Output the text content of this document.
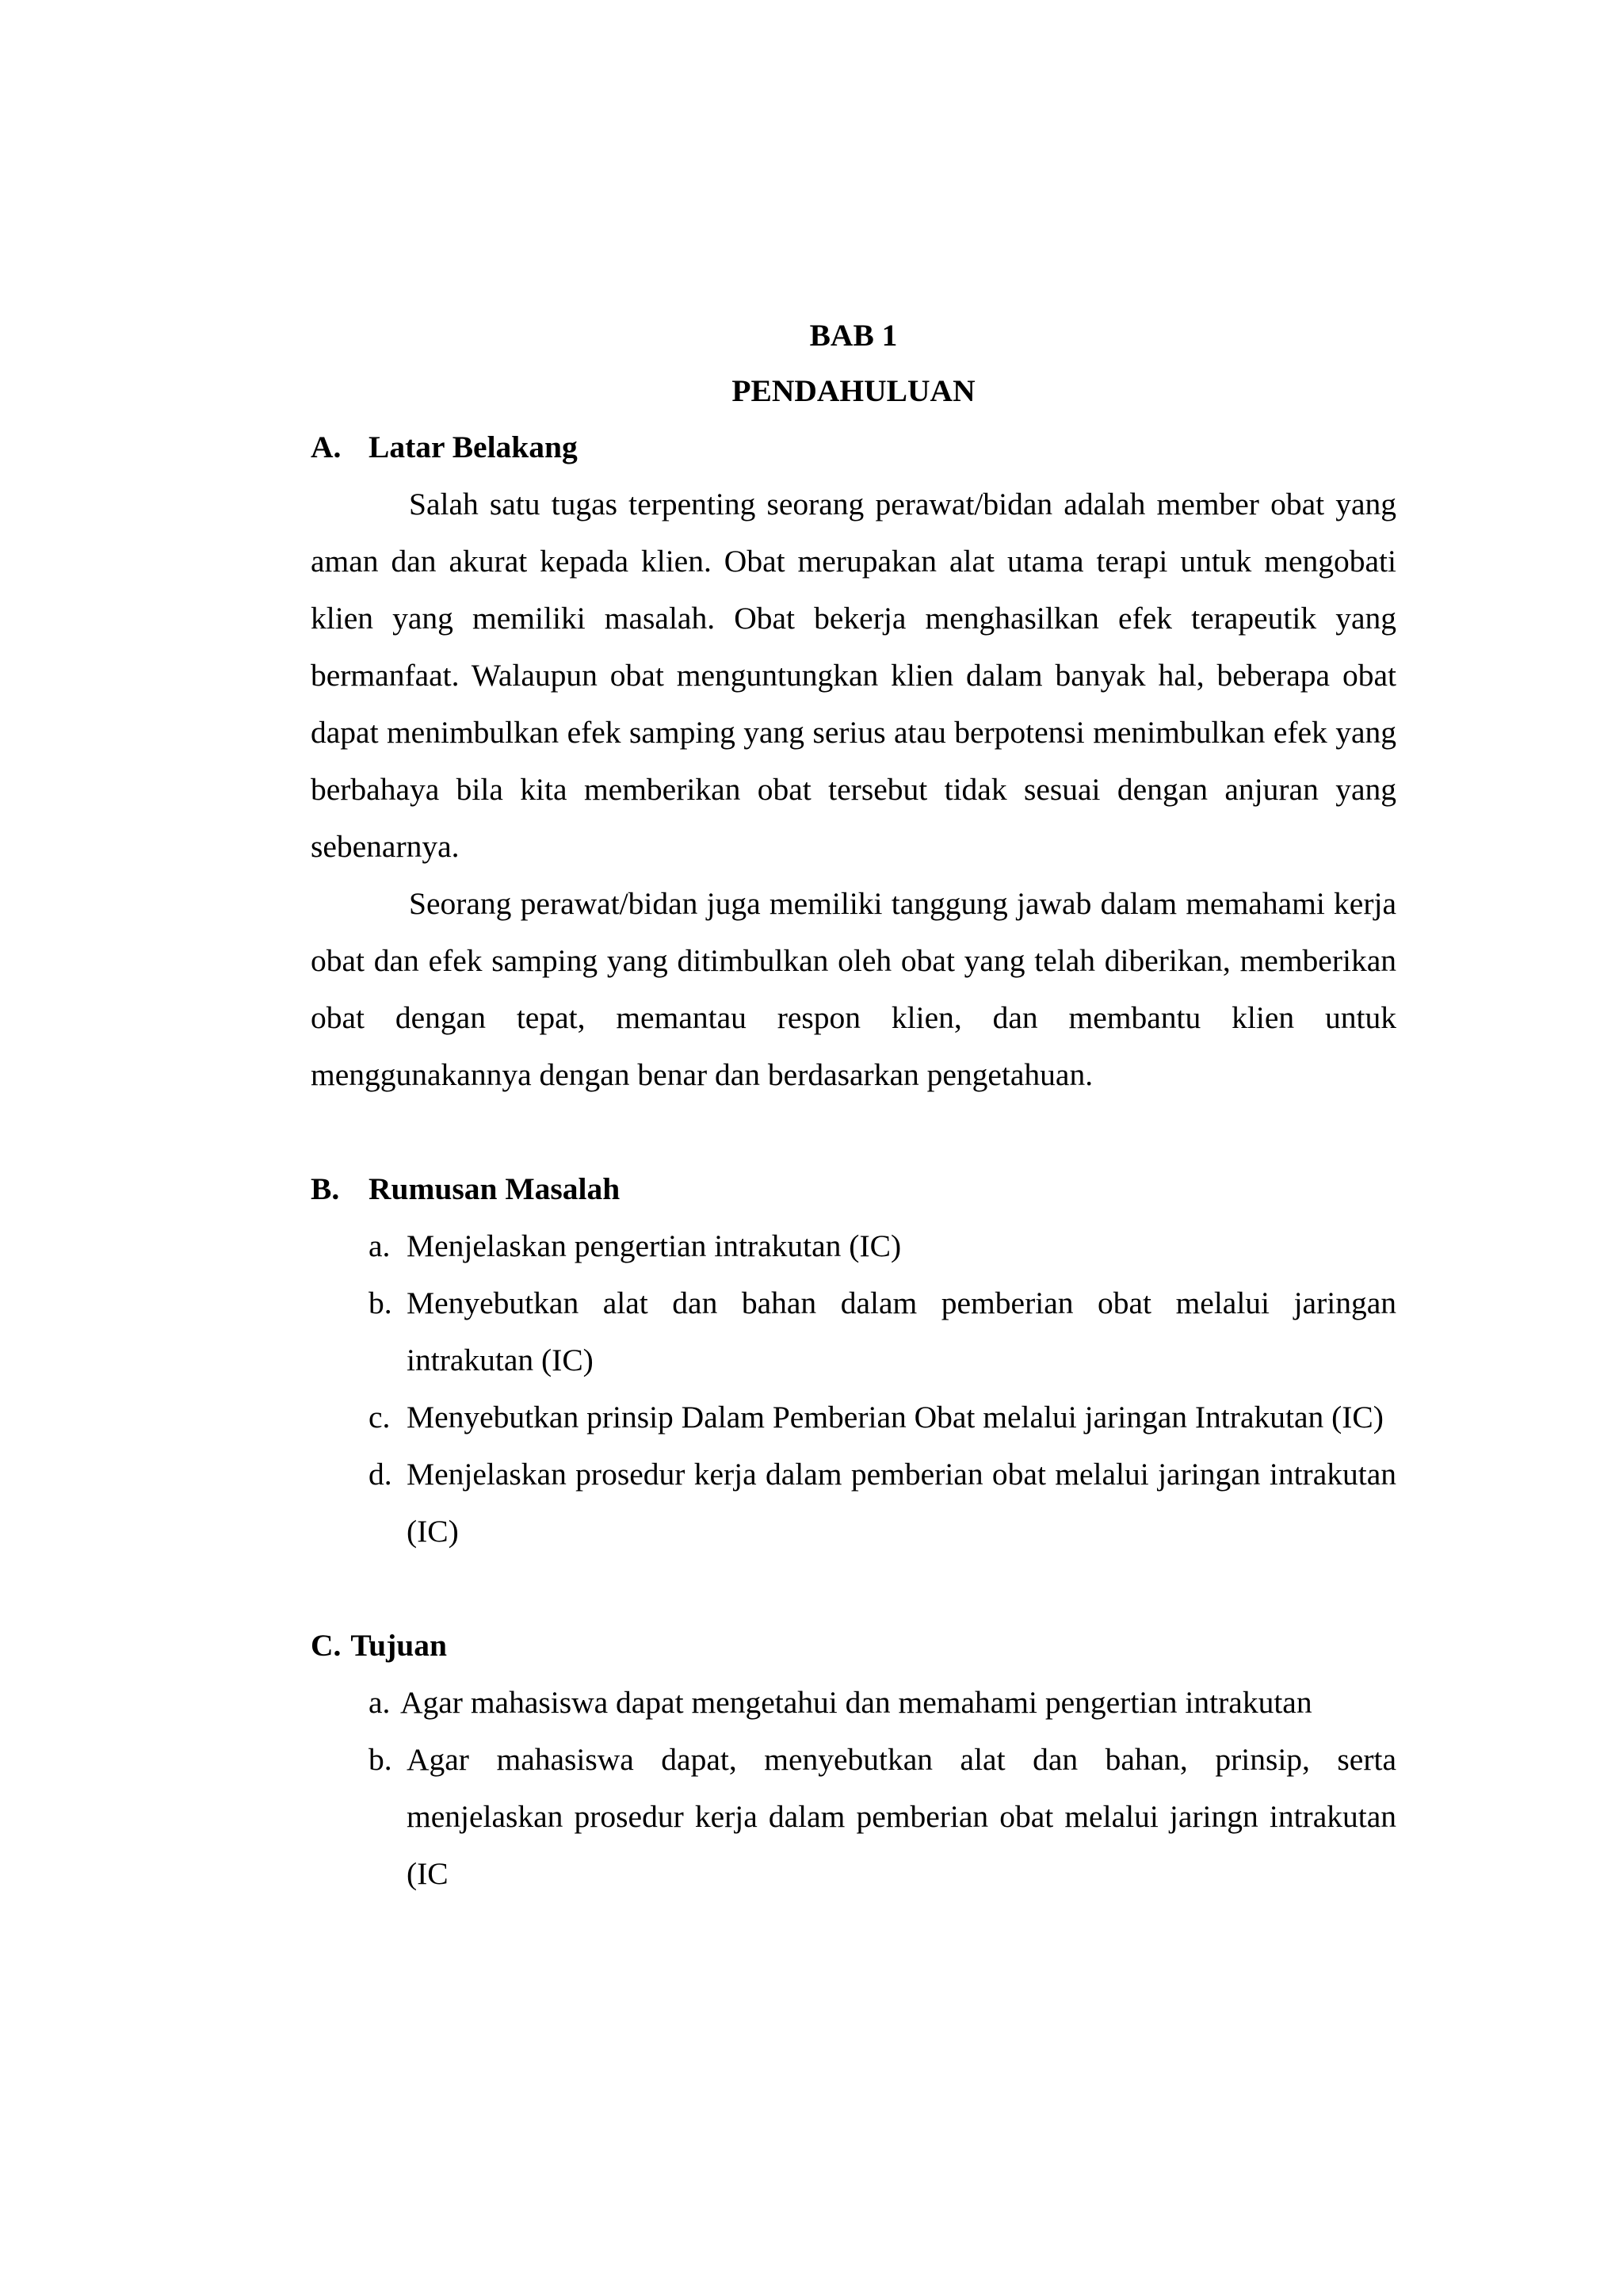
BAB 1

PENDAHULUAN

A. Latar Belakang

Salah satu tugas terpenting seorang perawat/bidan adalah member obat yang aman dan akurat kepada klien. Obat merupakan alat utama terapi untuk mengobati klien yang memiliki masalah. Obat bekerja menghasilkan efek terapeutik yang bermanfaat. Walaupun obat menguntungkan klien dalam banyak hal, beberapa obat dapat menimbulkan efek samping yang serius atau berpotensi menimbulkan efek yang berbahaya bila kita memberikan obat tersebut tidak sesuai dengan anjuran yang sebenarnya.

Seorang perawat/bidan juga memiliki tanggung jawab dalam memahami kerja obat dan efek samping yang ditimbulkan oleh obat yang telah diberikan, memberikan obat dengan tepat, memantau respon klien, dan membantu klien untuk menggunakannya dengan benar dan berdasarkan pengetahuan.

B. Rumusan Masalah
a. Menjelaskan pengertian intrakutan (IC)
b. Menyebutkan alat dan bahan dalam pemberian obat melalui jaringan intrakutan (IC)
c. Menyebutkan prinsip Dalam Pemberian Obat melalui jaringan Intrakutan (IC)
d. Menjelaskan prosedur kerja dalam pemberian obat melalui jaringan intrakutan (IC)
C. Tujuan
a. Agar mahasiswa dapat mengetahui dan memahami pengertian intrakutan
b. Agar mahasiswa dapat, menyebutkan alat dan bahan, prinsip, serta menjelaskan prosedur kerja dalam pemberian obat melalui jaringn intrakutan (IC
